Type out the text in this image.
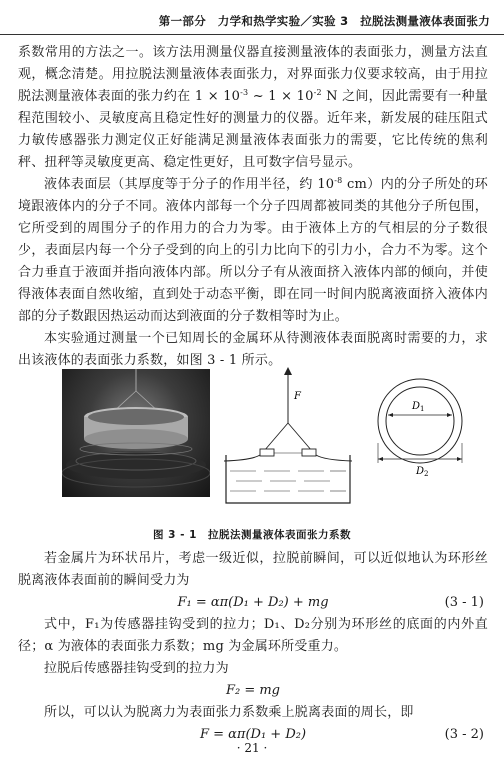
第一部分　力学和热学实验／实验 3　拉脱法测量液体表面张力

系数常用的方法之一。该方法用测量仪器直接测量液体的表面张力，测量方法直观，概念清楚。用拉脱法测量液体表面张力，对界面张力仪要求较高，由于用拉脱法测量液体表面的张力约在 $1 \times 10^{-3}$ ~ $1 \times 10^{-2}$ N 之间，因此需要有一种量程范围较小、灵敏度高且稳定性好的测量力的仪器。近年来，新发展的硅压阻式力敏传感器张力测定仪正好能满足测量液体表面张力的需要，它比传统的焦利秤、扭秤等灵敏度更高、稳定性更好，且可数字信号显示。

液体表面层（其厚度等于分子的作用半径，约 $10^{-8}$ cm）内的分子所处的环境跟液体内的分子不同。液体内部每一个分子四周都被同类的其他分子所包围，它所受到的周围分子的作用力的合力为零。由于液体上方的气相层的分子数很少，表面层内每一个分子受到的向上的引力比向下的引力小，合力不为零。这个合力垂直于液面并指向液体内部。所以分子有从液面挤入液体内部的倾向，并使得液体表面自然收缩，直到处于动态平衡，即在同一时间内脱离液面挤入液体内部的分子数跟因热运动而达到液面的分子数相等时为止。

本实验通过测量一个已知周长的金属环从待测液体表面脱离时需要的力，求出该液体的表面张力系数，如图 3 - 1 所示。

F
$D_1$
$D_2$
图 3 - 1　拉脱法测量液体表面张力系数

若金属片为环状吊片，考虑一级近似，拉脱前瞬间，可以近似地认为环形丝脱离液体表面前的瞬间受力为

F₁ = απ(D₁ + D₂) + mg	(3 - 1)

式中，F₁为传感器挂钩受到的拉力；D₁、D₂分别为环形丝的底面的内外直径；α 为液体的表面张力系数；mg 为金属环所受重力。

拉脱后传感器挂钩受到的拉力为

F₂ = mg

所以，可以认为脱离力为表面张力系数乘上脱离表面的周长，即

F = απ(D₁ + D₂)	(3 - 2)
· 21 ·
